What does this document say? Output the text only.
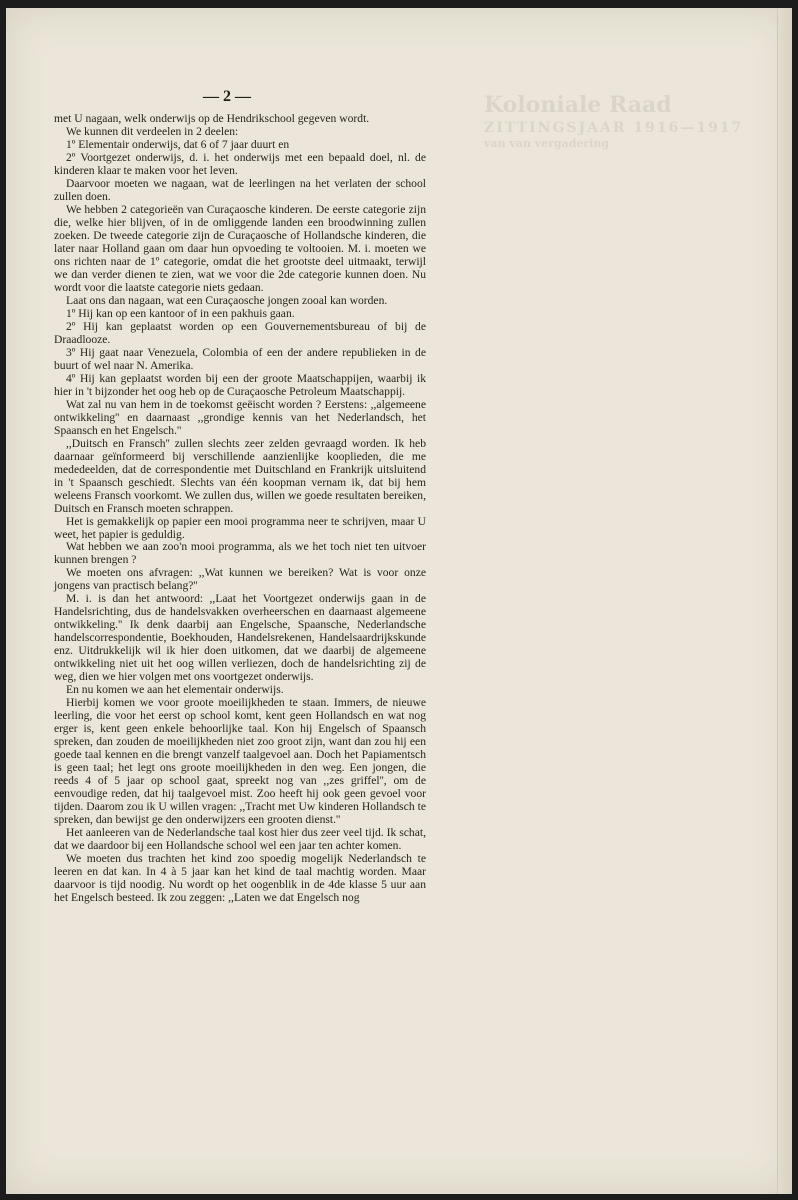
Koloniale Raad
ZITTINGSJAAR 1916—1917
van van vergadering
— 2 —

met U nagaan, welk onderwijs op de Hendrikschool gegeven wordt.

We kunnen dit verdeelen in 2 deelen:

1º Elementair onderwijs, dat 6 of 7 jaar duurt en

2º Voortgezet onderwijs, d. i. het onderwijs met een bepaald doel, nl. de kinderen klaar te maken voor het leven.

Daarvoor moeten we nagaan, wat de leerlingen na het verlaten der school zullen doen.

We hebben 2 categorieën van Curaçaosche kinderen. De eerste categorie zijn die, welke hier blijven, of in de omliggende landen een broodwinning zullen zoeken. De tweede categorie zijn de Curaçaosche of Hollandsche kinderen, die later naar Holland gaan om daar hun opvoeding te voltooien. M. i. moeten we ons richten naar de 1º categorie, omdat die het grootste deel uitmaakt, terwijl we dan verder dienen te zien, wat we voor die 2de categorie kunnen doen. Nu wordt voor die laatste categorie niets gedaan.

Laat ons dan nagaan, wat een Curaçaosche jongen zooal kan worden.

1º Hij kan op een kantoor of in een pakhuis gaan.

2º Hij kan geplaatst worden op een Gouvernementsbureau of bij de Draadlooze.

3º Hij gaat naar Venezuela, Colombia of een der andere republieken in de buurt of wel naar N. Amerika.

4º Hij kan geplaatst worden bij een der groote Maatschappijen, waarbij ik hier in 't bijzonder het oog heb op de Curaçaosche Petroleum Maatschappij.

Wat zal nu van hem in de toekomst geëischt worden ? Eerstens: ,,algemeene ontwikkeling'' en daarnaast ,,grondige kennis van het Nederlandsch, het Spaansch en het Engelsch.''

,,Duitsch en Fransch'' zullen slechts zeer zelden gevraagd worden. Ik heb daarnaar geïnformeerd bij verschillende aanzienlijke kooplieden, die me mededeelden, dat de correspondentie met Duitschland en Frankrijk uitsluitend in 't Spaansch geschiedt. Slechts van één koopman vernam ik, dat bij hem weleens Fransch voorkomt. We zullen dus, willen we goede resultaten bereiken, Duitsch en Fransch moeten schrappen.

Het is gemakkelijk op papier een mooi programma neer te schrijven, maar U weet, het papier is geduldig.

Wat hebben we aan zoo'n mooi programma, als we het toch niet ten uitvoer kunnen brengen ?

We moeten ons afvragen: ,,Wat kunnen we bereiken? Wat is voor onze jongens van practisch belang?''

M. i. is dan het antwoord: ,,Laat het Voortgezet onderwijs gaan in de Handelsrichting, dus de handelsvakken overheerschen en daarnaast algemeene ontwikkeling.'' Ik denk daarbij aan Engelsche, Spaansche, Nederlandsche handelscorrespondentie, Boekhouden, Handelsrekenen, Handelsaardrijkskunde enz. Uitdrukkelijk wil ik hier doen uitkomen, dat we daarbij de algemeene ontwikkeling niet uit het oog willen verliezen, doch de handelsrichting zij de weg, dien we hier volgen met ons voortgezet onderwijs.

En nu komen we aan het elementair onderwijs.

Hierbij komen we voor groote moeilijkheden te staan. Immers, de nieuwe leerling, die voor het eerst op school komt, kent geen Hollandsch en wat nog erger is, kent geen enkele behoorlijke taal. Kon hij Engelsch of Spaansch spreken, dan zouden de moeilijkheden niet zoo groot zijn, want dan zou hij een goede taal kennen en die brengt vanzelf taalgevoel aan. Doch het Papiamentsch is geen taal; het legt ons groote moeilijkheden in den weg. Een jongen, die reeds 4 of 5 jaar op school gaat, spreekt nog van ,,zes griffel'', om de eenvoudige reden, dat hij taalgevoel mist. Zoo heeft hij ook geen gevoel voor tijden. Daarom zou ik U willen vragen: ,,Tracht met Uw kinderen Hollandsch te spreken, dan bewijst ge den onderwijzers een grooten dienst.''

Het aanleeren van de Nederlandsche taal kost hier dus zeer veel tijd. Ik schat, dat we daardoor bij een Hollandsche school wel een jaar ten achter komen.

We moeten dus trachten het kind zoo spoedig mogelijk Nederlandsch te leeren en dat kan. In 4 à 5 jaar kan het kind de taal machtig worden. Maar daarvoor is tijd noodig. Nu wordt op het oogenblik in de 4de klasse 5 uur aan het Engelsch besteed. Ik zou zeggen: ,,Laten we dat Engelsch nog
